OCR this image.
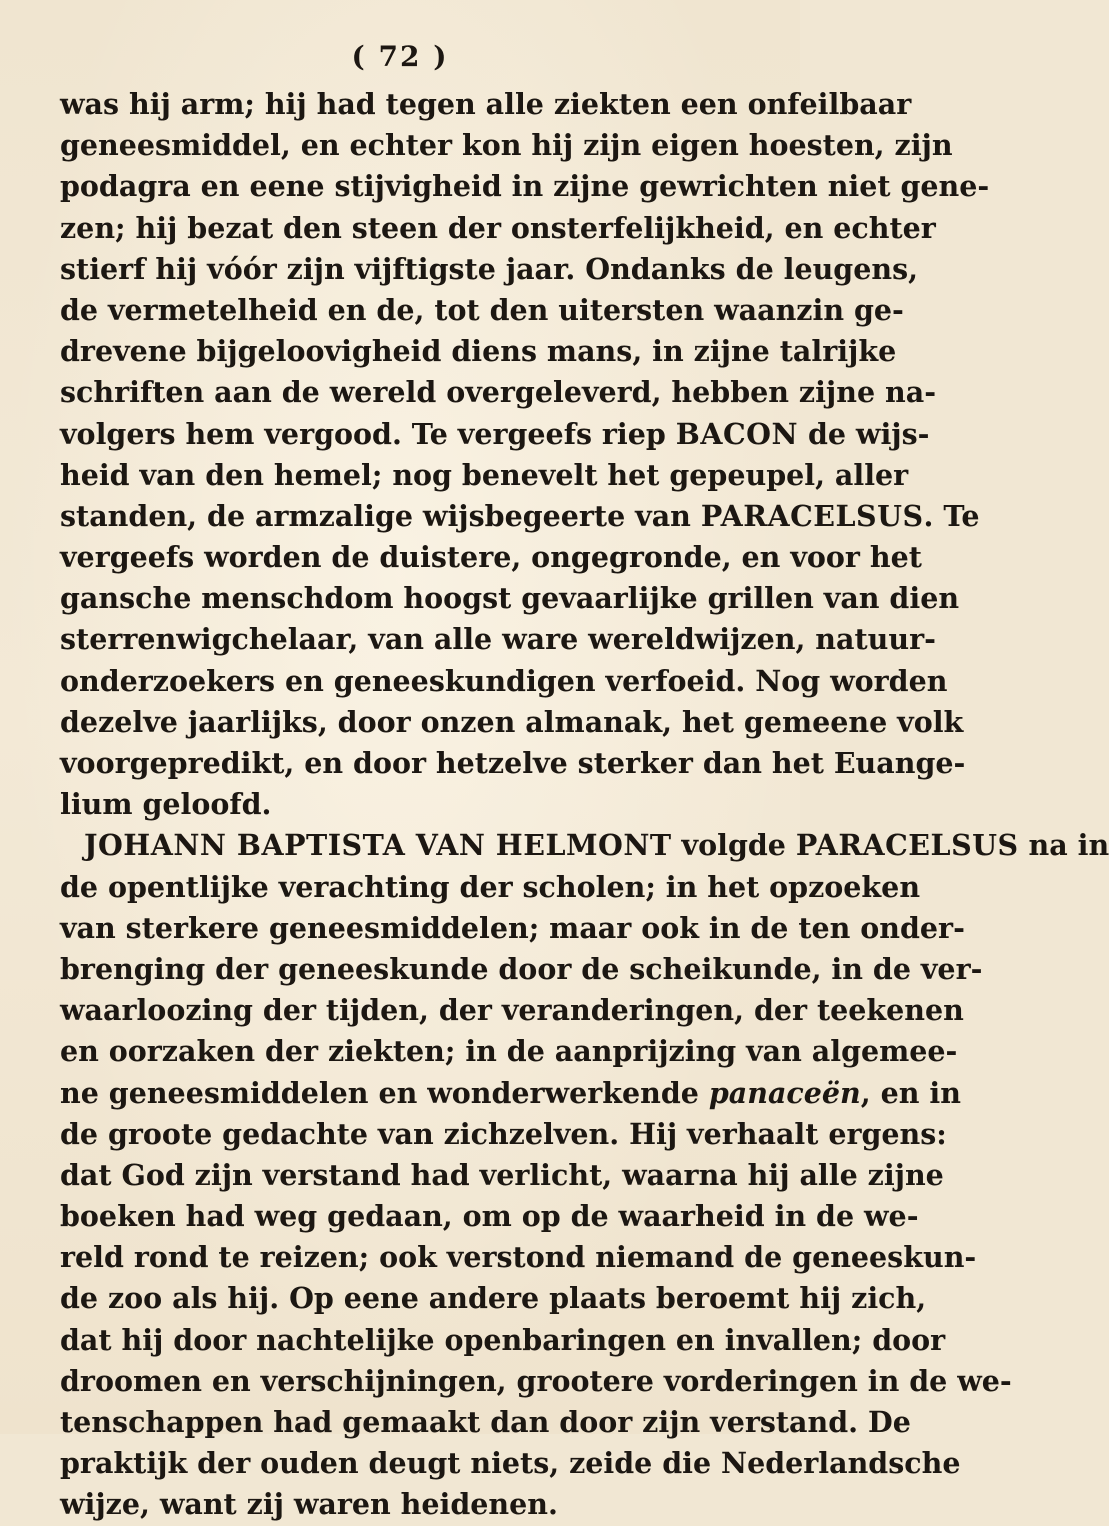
( 72 )
was hij arm; hij had tegen alle ziekten een onfeilbaar
geneesmiddel, en echter kon hij zijn eigen hoesten, zijn
podagra en eene stijvigheid in zijne gewrichten niet gene-
zen; hij bezat den steen der onsterfelijkheid, en echter
stierf hij vóór zijn vijftigste jaar. Ondanks de leugens,
de vermetelheid en de, tot den uitersten waanzin ge-
drevene bijgeloovigheid diens mans, in zijne talrijke
schriften aan de wereld overgeleverd, hebben zijne na-
volgers hem vergood. Te vergeefs riep BACON de wijs-
heid van den hemel; nog benevelt het gepeupel, aller
standen, de armzalige wijsbegeerte van PARACELSUS. Te
vergeefs worden de duistere, ongegronde, en voor het
gansche menschdom hoogst gevaarlijke grillen van dien
sterrenwigchelaar, van alle ware wereldwijzen, natuur-
onderzoekers en geneeskundigen verfoeid. Nog worden
dezelve jaarlijks, door onzen almanak, het gemeene volk
voorgepredikt, en door hetzelve sterker dan het Euange-
lium geloofd.
JOHANN BAPTISTA VAN HELMONT volgde PARACELSUS na in
de opentlijke verachting der scholen; in het opzoeken
van sterkere geneesmiddelen; maar ook in de ten onder-
brenging der geneeskunde door de scheikunde, in de ver-
waarloozing der tijden, der veranderingen, der teekenen
en oorzaken der ziekten; in de aanprijzing van algemee-
ne geneesmiddelen en wonderwerkende panaceën, en in
de groote gedachte van zichzelven. Hij verhaalt ergens:
dat God zijn verstand had verlicht, waarna hij alle zijne
boeken had weg gedaan, om op de waarheid in de we-
reld rond te reizen; ook verstond niemand de geneeskun-
de zoo als hij. Op eene andere plaats beroemt hij zich,
dat hij door nachtelijke openbaringen en invallen; door
droomen en verschijningen, grootere vorderingen in de we-
tenschappen had gemaakt dan door zijn verstand. De
praktijk der ouden deugt niets, zeide die Nederlandsche
wijze, want zij waren heidenen.
